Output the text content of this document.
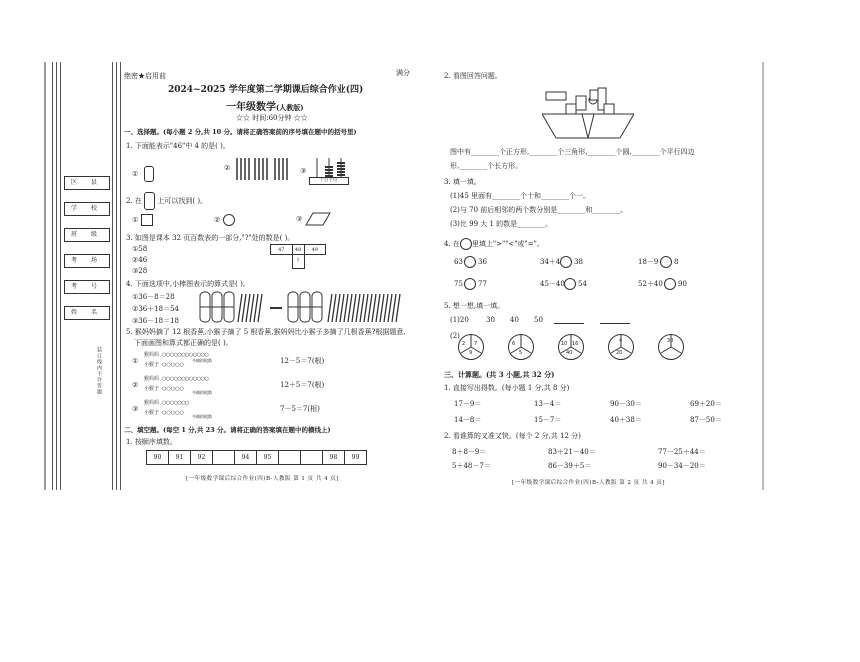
区 县
学 校
班 级
考 场
考 号
姓 名
装订线内不许答题
绝密★启用前	满分
2024~2025 学年度第二学期课后综合作业(四)
一年级数学(人教版)
☆☆ 时间:60分钟 ☆☆
一、选择题。(每小题 2 分,共 10 分。请将正确答案前的序号填在题中的括号里)
1. 下面能表示"46"中 4 的是( )。
①
②	③
十百个位
2. 在 上可以找到( )。
①	②	③
3. 如图是课本 32 页百数表的一部分,"?"处的数是( )。
①58
②46
③28
47	48	49
	?	
4. 下面选项中,小棒图表示的算式是( )。
①36－8＝28
②36＋18＝54
③36－18＝18
5. 猴妈妈摘了 12 根香蕉,小猴子摘了 5 根香蕉,猴妈妈比小猴子多摘了几根香蕉?根据题意,
下面画图和算式都正确的是( )。
①
猴妈妈 ○○○○○○○○○○○○
小猴子 ○○○○○
多摘的根数	12－5＝7(根)
②
猴妈妈 ○○○○○○○○○○○○
小猴子 ○○○○○
多摘的根数
12＋5＝7(根)
③
猴妈妈 ○○○○○○○
小猴子 ○○○○○
多摘的根数
7－5＝7(根)
二、填空题。(每空 1 分,共 23 分。请将正确的答案填在题中的横线上)
1. 按顺序填数。
90	91	92		94	95			98	99
[一年级数学课后综合作业(四)B-人教版 第 1 页 共 4 页]
2. 看图回答问题。
图中有________个正方形,________个三角形,________个圆,________个平行四边
形,________个长方形。
3. 填一填。
(1)45 里面有________个十和________个一。
(2)与 70 前后相邻的两个数分别是________和________。
(3)比 99 大 1 的数是________。
4. 在 里填上">""<"或"="。
63 36	34＋4 38	18－9 8
75 77	45－40 54	52＋40 90
5. 想一想,填一填。
(1)20 30 40 50
(2)
2 7
9
6
5
10 16
40
4
20
30
三、计算题。(共 3 小题,共 32 分)
1. 直接写出得数。(每小题 1 分,共 8 分)
17－9＝	13－4＝	90－30＝	69＋20＝
14－8＝	15－7＝	40＋38＝	87－50＝
2. 看谁算的又准又快。(每个 2 分,共 12 分)
8＋8－9＝	83＋21－40＝	77－25＋44＝
5＋48－7＝	86－39＋5＝	90－34－20＝
[一年级数学课后综合作业(四)B-人教版 第 2 页 共 4 页]
